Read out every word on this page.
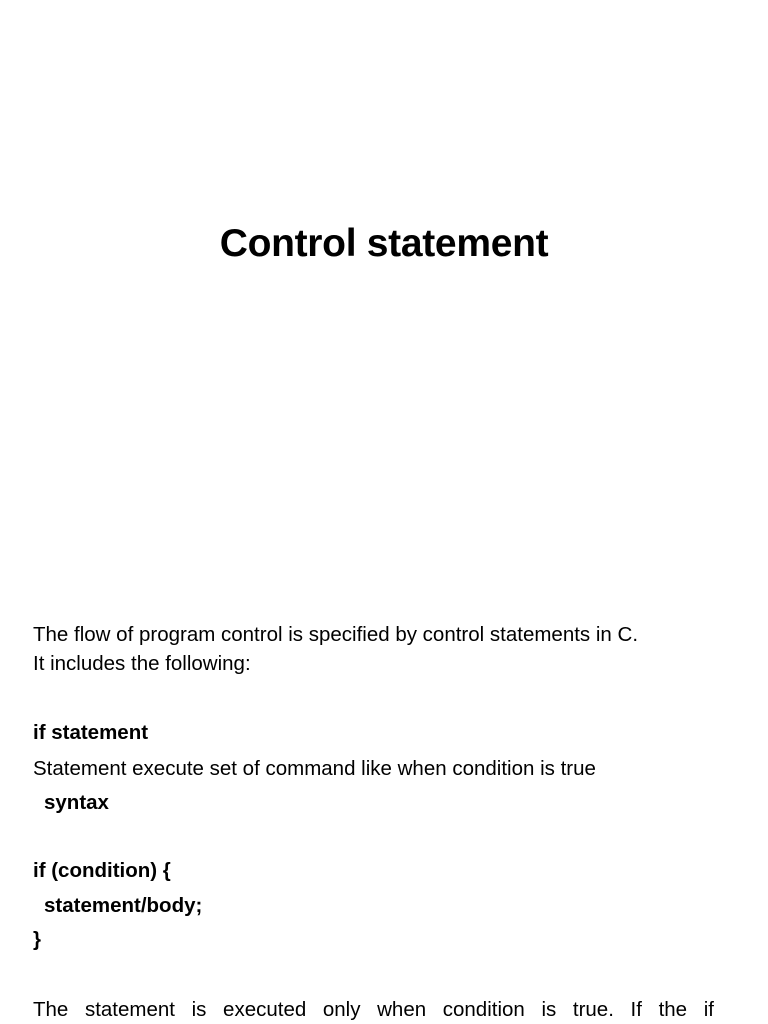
Control statement
The flow of program control is specified by control statements in C.
It includes the following:
if statement
Statement execute set of command like when condition is true
syntax
if (condition) {
statement/body;
}
The statement is executed only when condition is true. If the if
